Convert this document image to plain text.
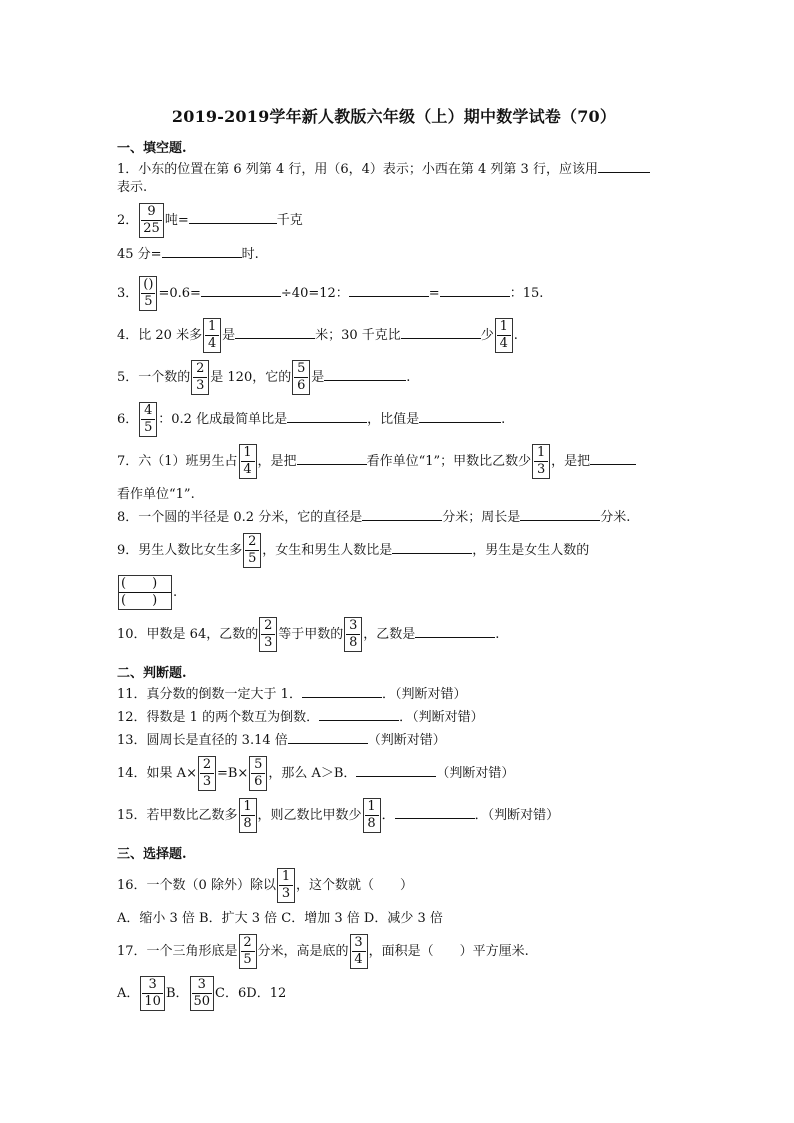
2019-2019学年新人教版六年级（上）期中数学试卷（70）
一、填空题.
1．小东的位置在第 6 列第 4 行，用（6，4）表示；小西在第 4 列第 3 行，应该用
表示.
2． $\frac{9}{25}$ 吨=	千克
45 分=	时.
3． $\frac{()}{5} =0.6=$	÷40=12：	=	：15.
4．比 20 米多 $\frac{1}{4}$ 是	米；30 千克比	少 $\frac{1}{4}$ .
5．一个数的 $\frac{2}{3}$ 是 120，它的 $\frac{5}{6}$ 是	.
6． $\frac{4}{5}$ ：0.2 化成最简单比是	，比值是	.
7．六（1）班男生占 $\frac{1}{4}$ ，是把	看作单位“1”；甲数比乙数少 $\frac{1}{3}$ ，是把
看作单位“1”.
8．一个圆的半径是 0.2 分米，它的直径是	分米；周长是	分米.
9．男生人数比女生多 $\frac{2}{5}$ ，女生和男生人数比是	，男生是女生人数的
$\frac{( )}{( )}$ .
10．甲数是 64，乙数的 $\frac{2}{3}$ 等于甲数的 $\frac{3}{8}$ ，乙数是	.
二、判断题.
11．真分数的倒数一定大于 1．	．（判断对错）
12．得数是 1 的两个数互为倒数．	．（判断对错）
13．圆周长是直径的 3.14 倍	（判断对错）
14．如果 $A\times \frac{2}{3} =B\times \frac{5}{6}$ ，那么 A＞B．	（判断对错）
15．若甲数比乙数多 $\frac{1}{8}$ ，则乙数比甲数少 $\frac{1}{8}$ ．	．（判断对错）
三、选择题.
16．一个数（0 除外）除以 $\frac{1}{3}$ ，这个数就（　　）
A．缩小 3 倍 B．扩大 3 倍 C．增加 3 倍 D．减少 3 倍
17．一个三角形底是 $\frac{2}{5}$ 分米，高是底的 $\frac{3}{4}$ ，面积是（　　）平方厘米.
A． $\frac{3}{10}$ B． $\frac{3}{50}$ C．6D．12
